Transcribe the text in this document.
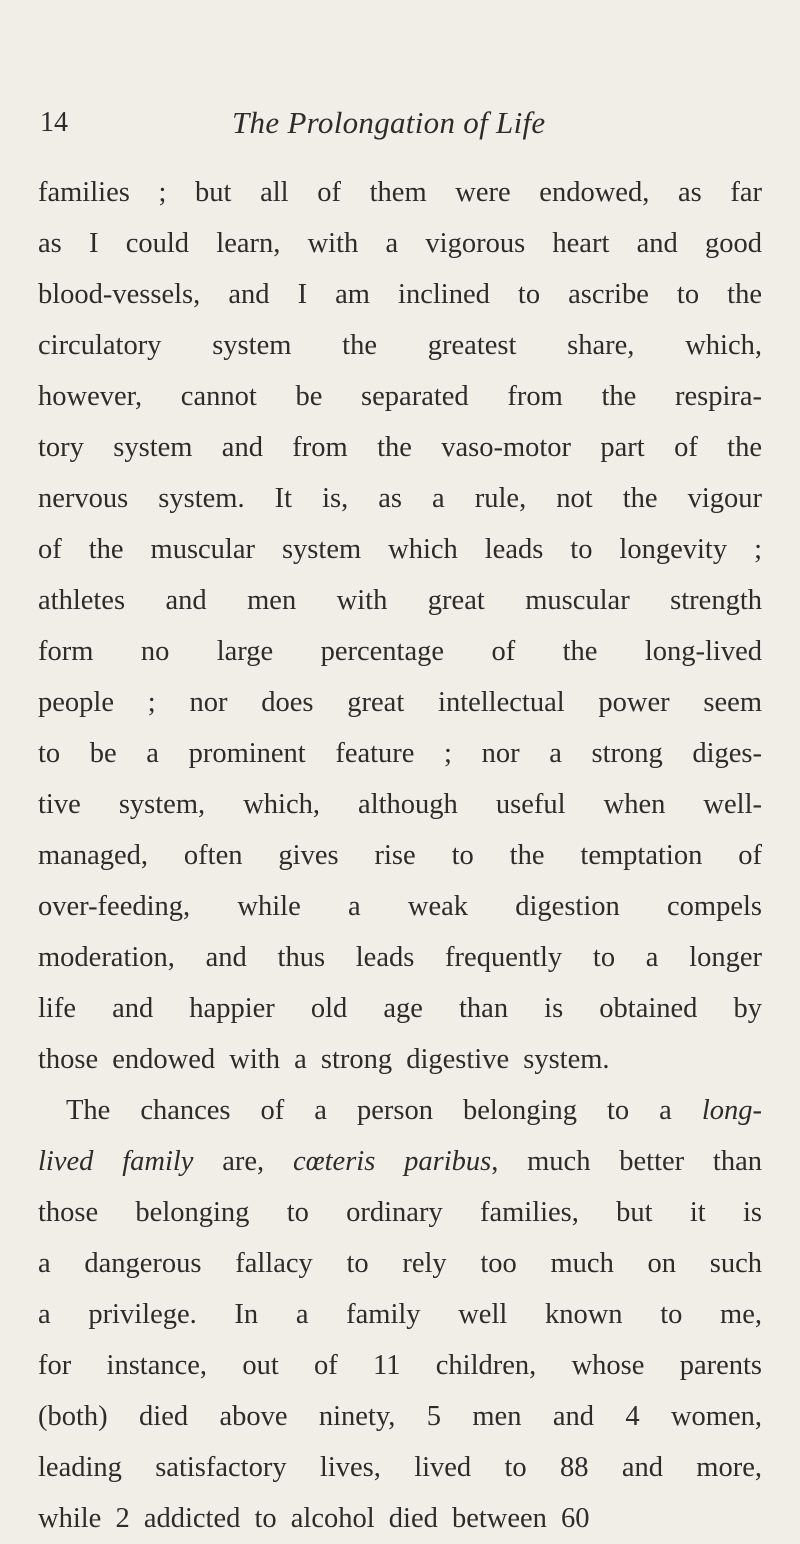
14	The Prolongation of Life
families ; but all of them were endowed, as far
as I could learn, with a vigorous heart and good
blood-vessels, and I am inclined to ascribe to the
circulatory system the greatest share, which,
however, cannot be separated from the respira-
tory system and from the vaso-motor part of the
nervous system. It is, as a rule, not the vigour
of the muscular system which leads to longevity ;
athletes and men with great muscular strength
form no large percentage of the long-lived
people ; nor does great intellectual power seem
to be a prominent feature ; nor a strong diges-
tive system, which, although useful when well-
managed, often gives rise to the temptation of
over-feeding, while a weak digestion compels
moderation, and thus leads frequently to a longer
life and happier old age than is obtained by
those endowed with a strong digestive system.
The chances of a person belonging to a long-
lived family are, cœteris paribus, much better than
those belonging to ordinary families, but it is
a dangerous fallacy to rely too much on such
a privilege. In a family well known to me,
for instance, out of 11 children, whose parents
(both) died above ninety, 5 men and 4 women,
leading satisfactory lives, lived to 88 and more,
while 2 addicted to alcohol died between 60
